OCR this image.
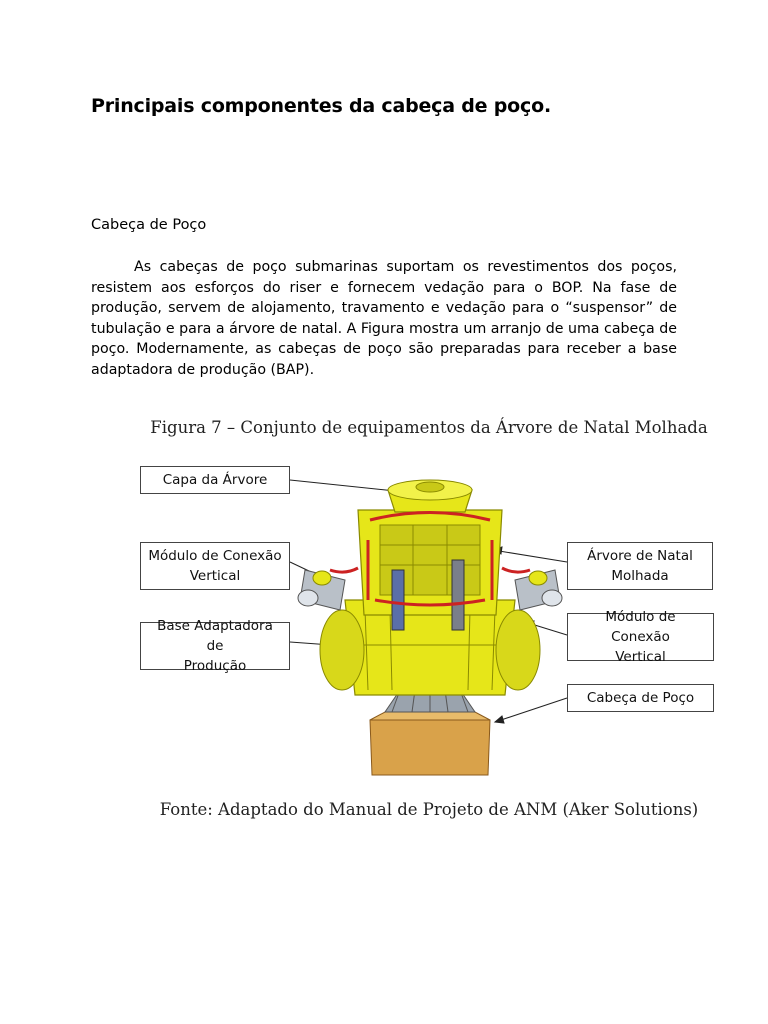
Principais componentes da cabeça de poço.
Cabeça de Poço
As cabeças de poço submarinas suportam os revestimentos dos poços, resistem aos esforços do riser e fornecem vedação para o BOP. Na fase de produção, servem de alojamento, travamento e vedação para o “suspensor” de tubulação e para a árvore de natal. A Figura mostra um arranjo de uma cabeça de poço. Modernamente, as cabeças de poço são preparadas para receber a base adaptadora de produção (BAP).
Figura 7 – Conjunto de equipamentos da Árvore de Natal Molhada
Capa da Árvore
Módulo de Conexão
Vertical
Base Adaptadora de
Produção
Árvore de Natal
Molhada
Módulo de Conexão
Vertical
Cabeça de Poço
Fonte: Adaptado do Manual de Projeto de ANM (Aker Solutions)
